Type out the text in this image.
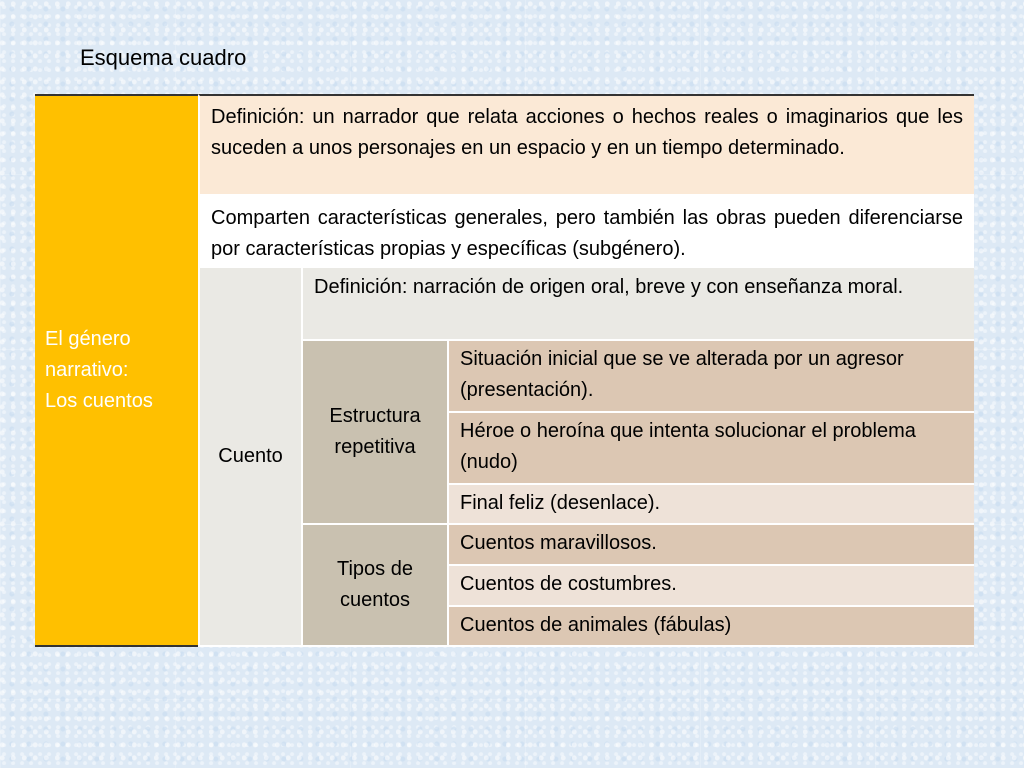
Esquema cuadro
El género
narrativo:
Los cuentos
Definición: un narrador que relata acciones o hechos reales o imaginarios que les suceden a unos personajes en un espacio y en un tiempo determinado.
Comparten características generales, pero también las obras pueden diferenciarse por características propias y específicas (subgénero).
Cuento
Definición: narración de origen oral, breve y con enseñanza moral.
Estructura
repetitiva
Situación inicial que se ve alterada por un agresor (presentación).
Héroe o heroína que intenta solucionar el problema (nudo)
Final feliz (desenlace).
Tipos de
cuentos
Cuentos maravillosos.
Cuentos de costumbres.
Cuentos de animales (fábulas)
